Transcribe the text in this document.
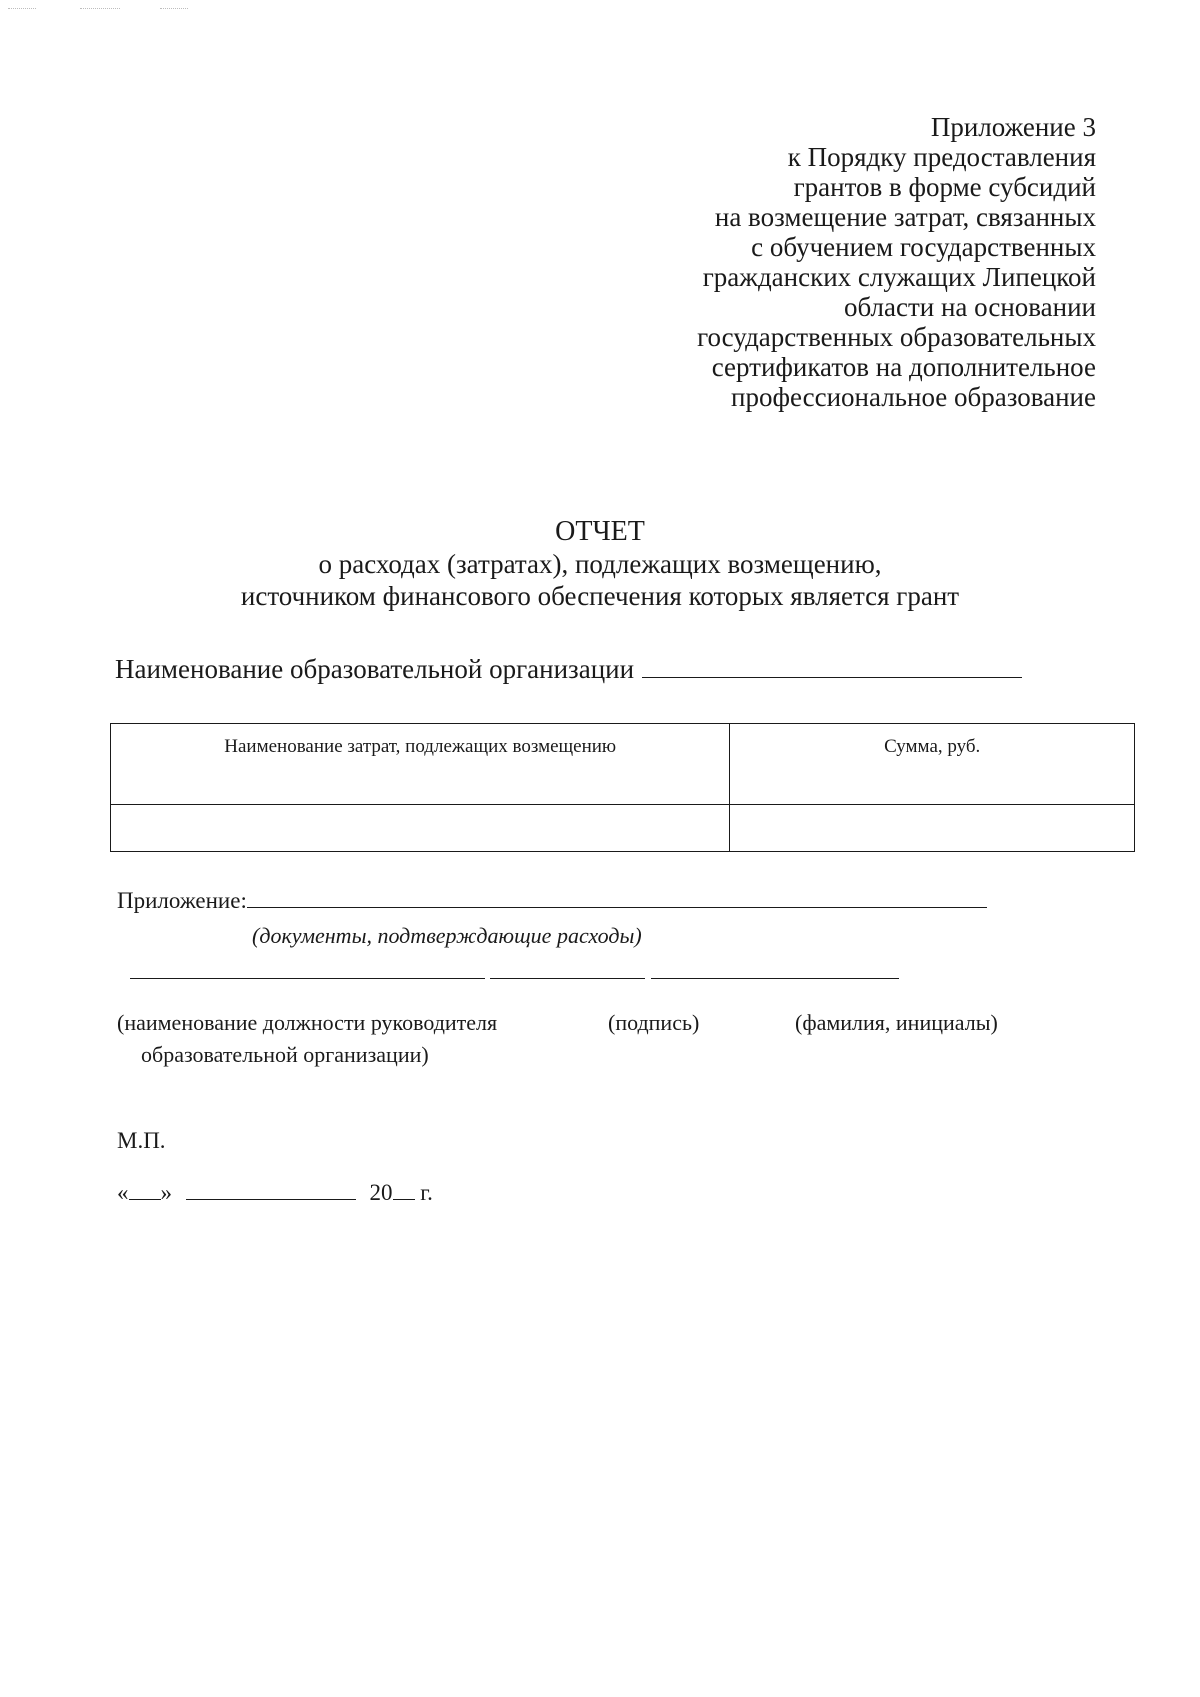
Приложение 3
к Порядку предоставления
грантов в форме субсидий
на возмещение затрат, связанных
с обучением государственных
гражданских служащих Липецкой
области на основании
государственных образовательных
сертификатов на дополнительное
профессиональное образование
ОТЧЕТ
о расходах (затратах), подлежащих возмещению,
источником финансового обеспечения которых является грант
Наименование образовательной организации
Наименование затрат, подлежащих возмещению	Сумма, руб.

Приложение:
(документы, подтверждающие расходы)
(наименование должности руководителя
образовательной организации)
(подпись)	(фамилия, инициалы)
М.П.
« »	20 г.
